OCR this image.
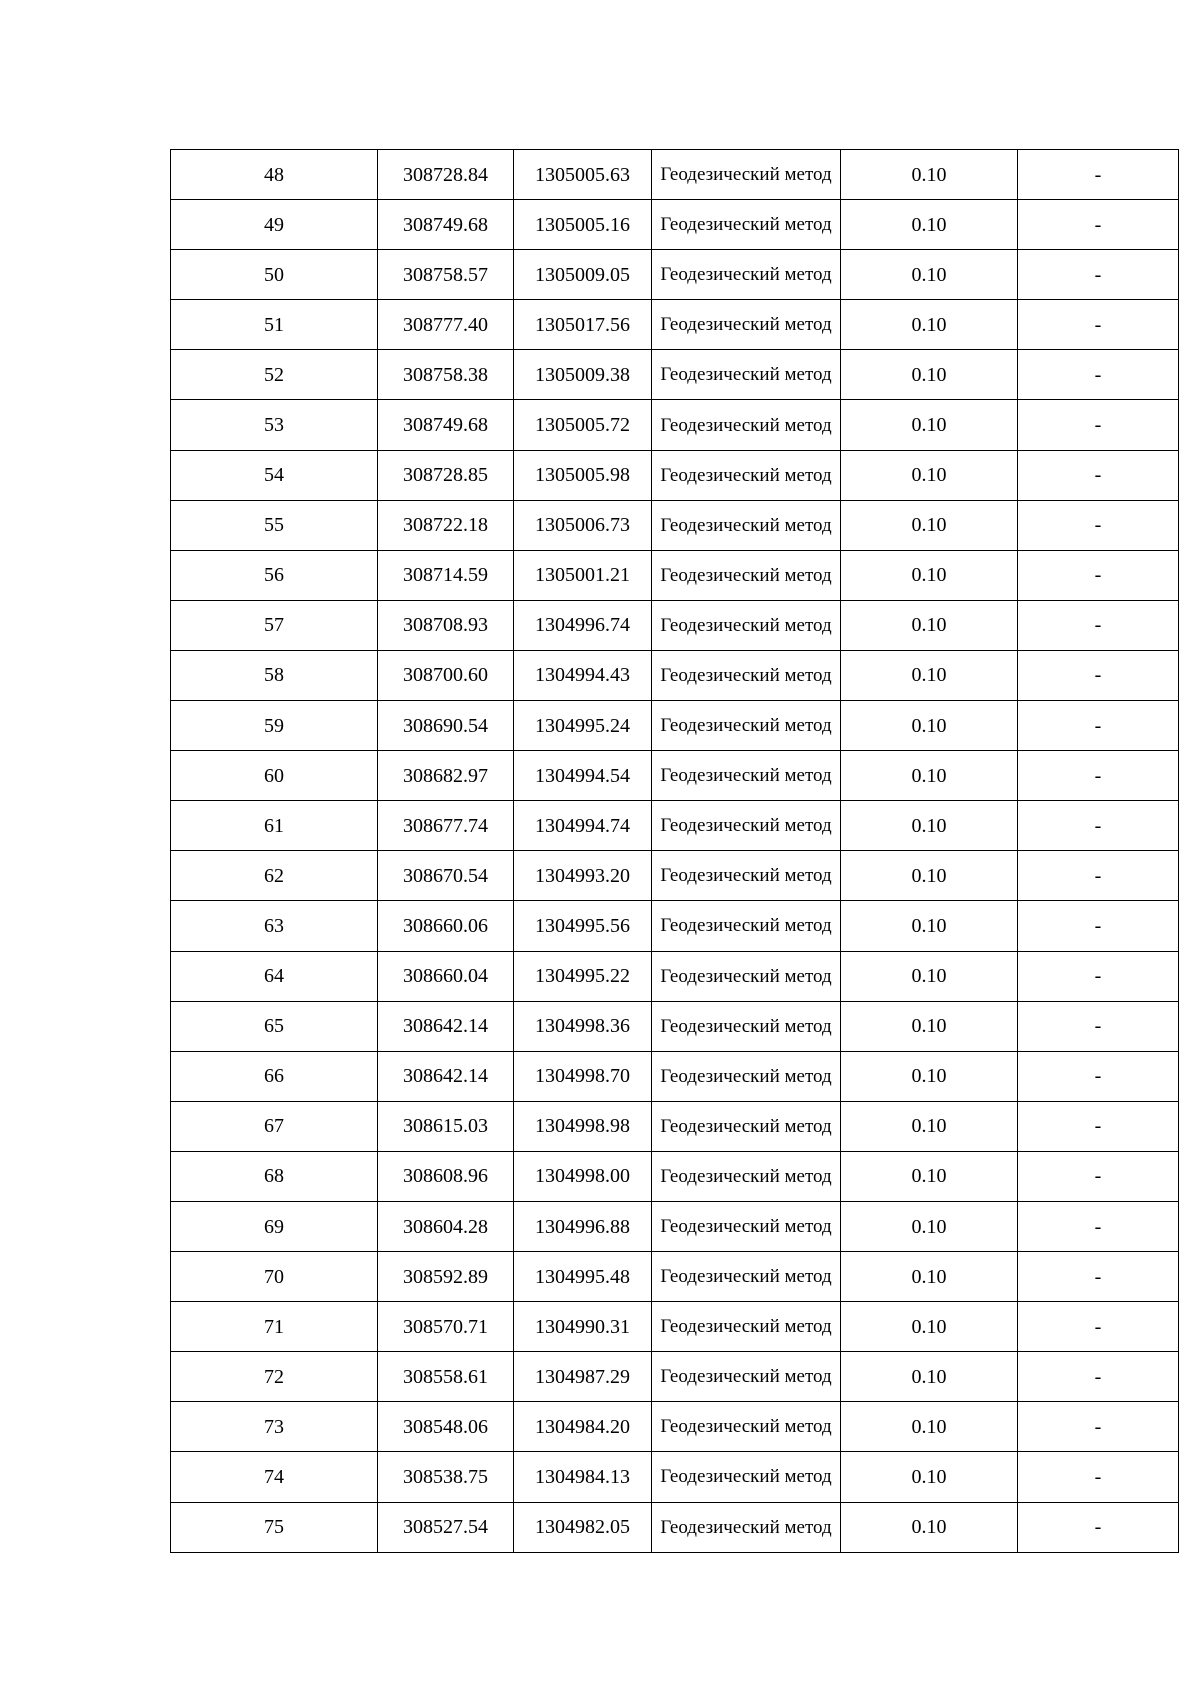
48	308728.84	1305005.63	Геодезический метод	0.10	-
49	308749.68	1305005.16	Геодезический метод	0.10	-
50	308758.57	1305009.05	Геодезический метод	0.10	-
51	308777.40	1305017.56	Геодезический метод	0.10	-
52	308758.38	1305009.38	Геодезический метод	0.10	-
53	308749.68	1305005.72	Геодезический метод	0.10	-
54	308728.85	1305005.98	Геодезический метод	0.10	-
55	308722.18	1305006.73	Геодезический метод	0.10	-
56	308714.59	1305001.21	Геодезический метод	0.10	-
57	308708.93	1304996.74	Геодезический метод	0.10	-
58	308700.60	1304994.43	Геодезический метод	0.10	-
59	308690.54	1304995.24	Геодезический метод	0.10	-
60	308682.97	1304994.54	Геодезический метод	0.10	-
61	308677.74	1304994.74	Геодезический метод	0.10	-
62	308670.54	1304993.20	Геодезический метод	0.10	-
63	308660.06	1304995.56	Геодезический метод	0.10	-
64	308660.04	1304995.22	Геодезический метод	0.10	-
65	308642.14	1304998.36	Геодезический метод	0.10	-
66	308642.14	1304998.70	Геодезический метод	0.10	-
67	308615.03	1304998.98	Геодезический метод	0.10	-
68	308608.96	1304998.00	Геодезический метод	0.10	-
69	308604.28	1304996.88	Геодезический метод	0.10	-
70	308592.89	1304995.48	Геодезический метод	0.10	-
71	308570.71	1304990.31	Геодезический метод	0.10	-
72	308558.61	1304987.29	Геодезический метод	0.10	-
73	308548.06	1304984.20	Геодезический метод	0.10	-
74	308538.75	1304984.13	Геодезический метод	0.10	-
75	308527.54	1304982.05	Геодезический метод	0.10	-
